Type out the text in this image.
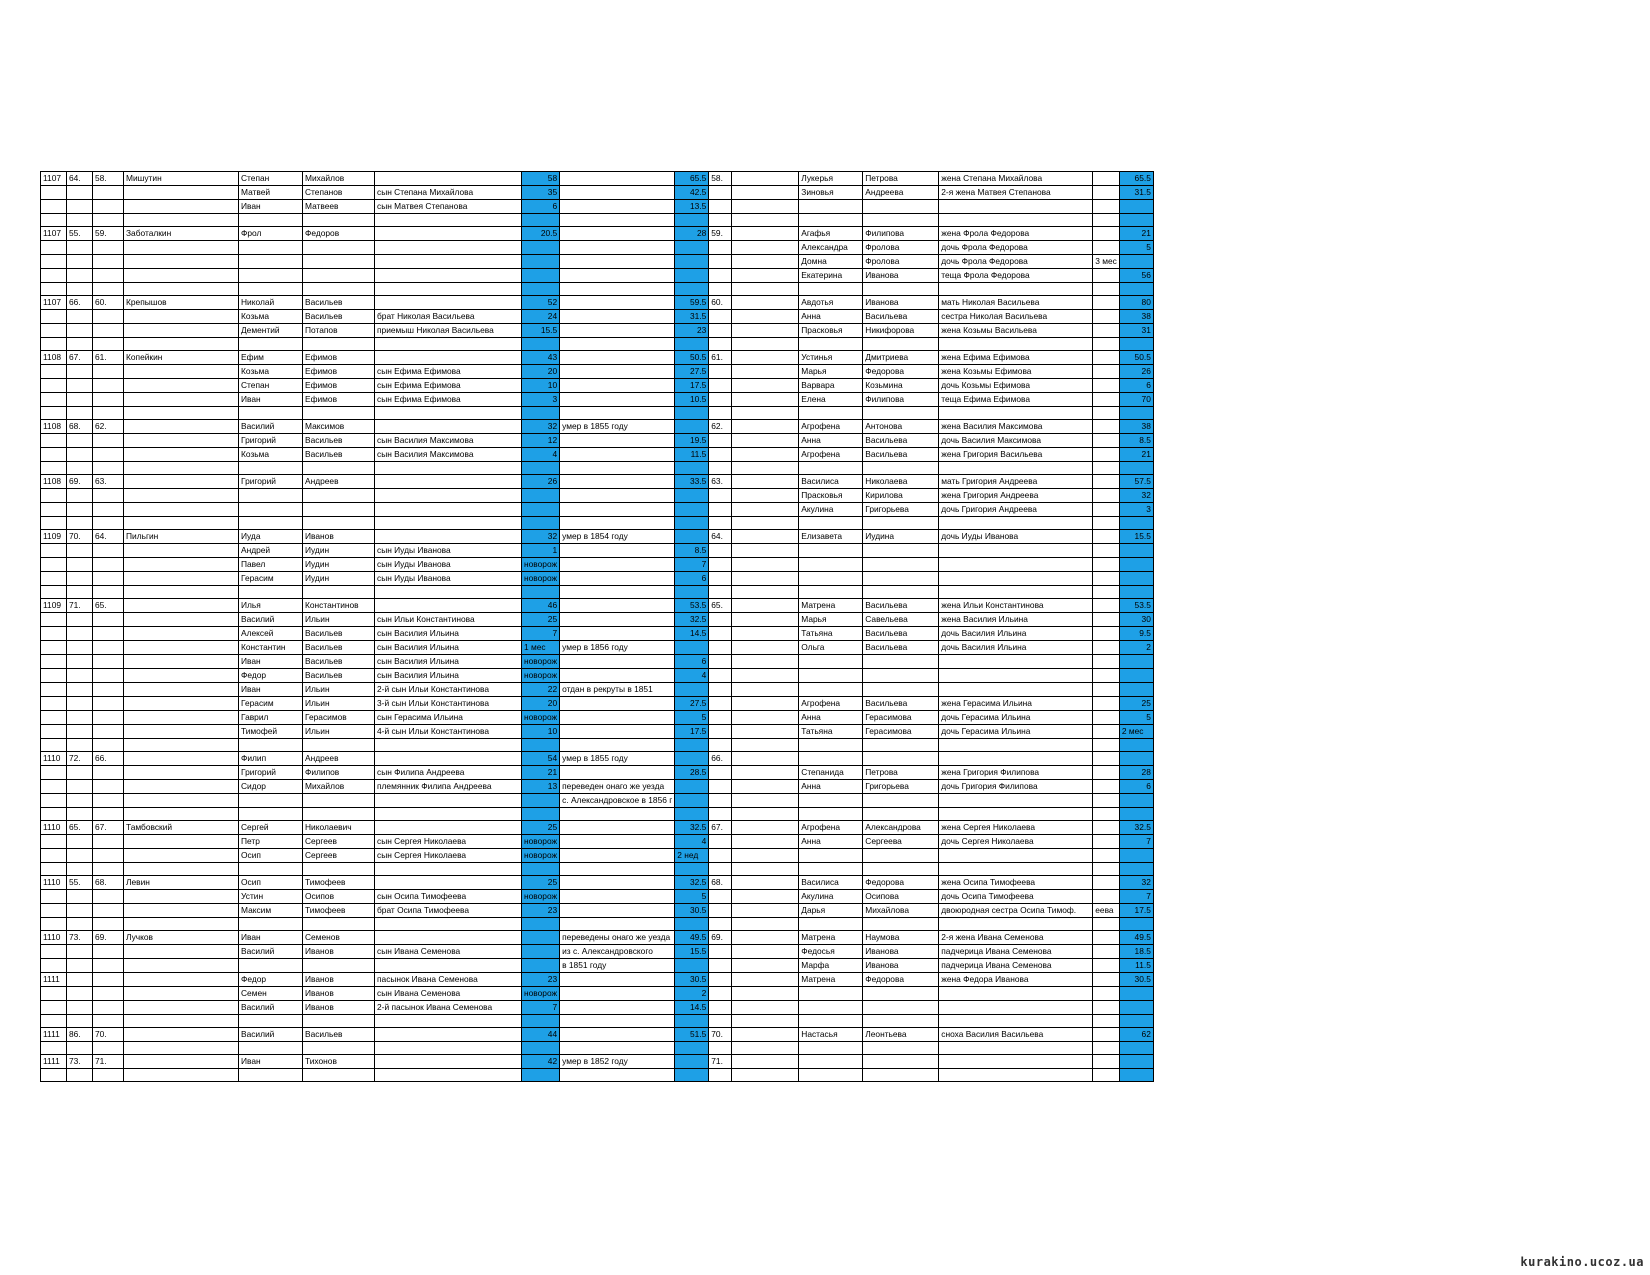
1107	64.	58.	Мишутин	Степан	Михайлов		58		65.5	58.		Лукерья	Петрова	жена Степана Михайлова		65.5
				Матвей	Степанов	сын Степана Михайлова	35		42.5			Зиновья	Андреева	2-я жена Матвея Степанова		31.5
				Иван	Матвеев	сын Матвея Степанова	6		13.5							

1107	55.	59.	Заботалкин	Фрол	Федоров		20.5		28	59.		Агафья	Филипова	жена Фрола Федорова		21
												Александра	Фролова	дочь Фрола Федорова		5
												Домна	Фролова	дочь Фрола Федорова	3 мес	
												Екатерина	Иванова	теща Фрола Федорова		56

1107	66.	60.	Крепышов	Николай	Васильев		52		59.5	60.		Авдотья	Иванова	мать Николая Васильева		80
				Козьма	Васильев	брат Николая Васильева	24		31.5			Анна	Васильева	сестра Николая Васильева		38
				Дементий	Потапов	приемыш Николая Васильева	15.5		23			Прасковья	Никифорова	жена Козьмы Васильева		31

1108	67.	61.	Копейкин	Ефим	Ефимов		43		50.5	61.		Устинья	Дмитриева	жена Ефима Ефимова		50.5
				Козьма	Ефимов	сын Ефима Ефимова	20		27.5			Марья	Федорова	жена Козьмы Ефимова		26
				Степан	Ефимов	сын Ефима Ефимова	10		17.5			Варвара	Козьмина	дочь Козьмы Ефимова		6
				Иван	Ефимов	сын Ефима Ефимова	3		10.5			Елена	Филипова	теща Ефима Ефимова		70

1108	68.	62.		Василий	Максимов		32	умер в 1855 году		62.		Агрофена	Антонова	жена Василия Максимова		38
				Григорий	Васильев	сын Василия Максимова	12		19.5			Анна	Васильева	дочь Василия Максимова		8.5
				Козьма	Васильев	сын Василия Максимова	4		11.5			Агрофена	Васильева	жена Григория Васильева		21

1108	69.	63.		Григорий	Андреев		26		33.5	63.		Василиса	Николаева	мать Григория Андреева		57.5
												Прасковья	Кирилова	жена Григория Андреева		32
												Акулина	Григорьева	дочь Григория Андреева		3

1109	70.	64.	Пильгин	Иуда	Иванов		32	умер в 1854 году		64.		Елизавета	Иудина	дочь Иуды Иванова		15.5
				Андрей	Иудин	сын Иуды Иванова	1		8.5							
				Павел	Иудин	сын Иуды Иванова	новорож		7							
				Герасим	Иудин	сын Иуды Иванова	новорож		6							

1109	71.	65.		Илья	Константинов		46		53.5	65.		Матрена	Васильева	жена Ильи Константинова		53.5
				Василий	Ильин	сын Ильи Константинова	25		32.5			Марья	Савельева	жена Василия Ильина		30
				Алексей	Васильев	сын Василия Ильина	7		14.5			Татьяна	Васильева	дочь Василия Ильина		9.5
				Константин	Васильев	сын Василия Ильина	1 мес	умер в 1856 году				Ольга	Васильева	дочь Василия Ильина		2
				Иван	Васильев	сын Василия Ильина	новорож		6							
				Федор	Васильев	сын Василия Ильина	новорож		4							
				Иван	Ильин	2-й сын Ильи Константинова	22	отдан в рекруты в 1851								
				Герасим	Ильин	3-й сын Ильи Константинова	20		27.5			Агрофена	Васильева	жена Герасима Ильина		25
				Гаврил	Герасимов	сын Герасима Ильина	новорож		5			Анна	Герасимова	дочь Герасима Ильина		5
				Тимофей	Ильин	4-й сын Ильи Константинова	10		17.5			Татьяна	Герасимова	дочь Герасима Ильина		2 мес

1110	72.	66.		Филип	Андреев		54	умер в 1855 году		66.						
				Григорий	Филипов	сын Филипа Андреева	21		28.5			Степанида	Петрова	жена Григория Филипова		28
				Сидор	Михайлов	племянник Филипа Андреева	13	переведен онаго же уезда				Анна	Григорьева	дочь Григория Филипова		6
								с. Александровское в 1856 г								

1110	65.	67.	Тамбовский	Сергей	Николаевич		25		32.5	67.		Агрофена	Александрова	жена Сергея Николаева		32.5
				Петр	Сергеев	сын Сергея Николаева	новорож		4			Анна	Сергеева	дочь Сергея Николаева		7
				Осип	Сергеев	сын Сергея Николаева	новорож		2 нед							

1110	55.	68.	Левин	Осип	Тимофеев		25		32.5	68.		Василиса	Федорова	жена Осипа Тимофеева		32
				Устин	Осипов	сын Осипа Тимофеева	новорож		5			Акулина	Осипова	дочь Осипа Тимофеева		7
				Максим	Тимофеев	брат Осипа Тимофеева	23		30.5			Дарья	Михайлова	двоюродная сестра Осипа Тимоф.	еева	17.5

1110	73.	69.	Лучков	Иван	Семенов			переведены онаго же уезда	49.5	69.		Матрена	Наумова	2-я жена Ивана Семенова		49.5
				Василий	Иванов	сын Ивана Семенова		из с. Александровского	15.5			Федосья	Иванова	падчерица Ивана Семенова		18.5
								в 1851 году				Марфа	Иванова	падчерица Ивана Семенова		11.5
1111				Федор	Иванов	пасынок Ивана Семенова	23		30.5			Матрена	Федорова	жена Федора Иванова		30.5
				Семен	Иванов	сын Ивана Семенова	новорож		2							
				Василий	Иванов	2-й пасынок Ивана Семенова	7		14.5							

1111	86.	70.		Василий	Васильев		44		51.5	70.		Настасья	Леонтьева	сноха Василия Васильева		62

1111	73.	71.		Иван	Тихонов		42	умер в 1852 году		71.						

kurakino.ucoz.ua
